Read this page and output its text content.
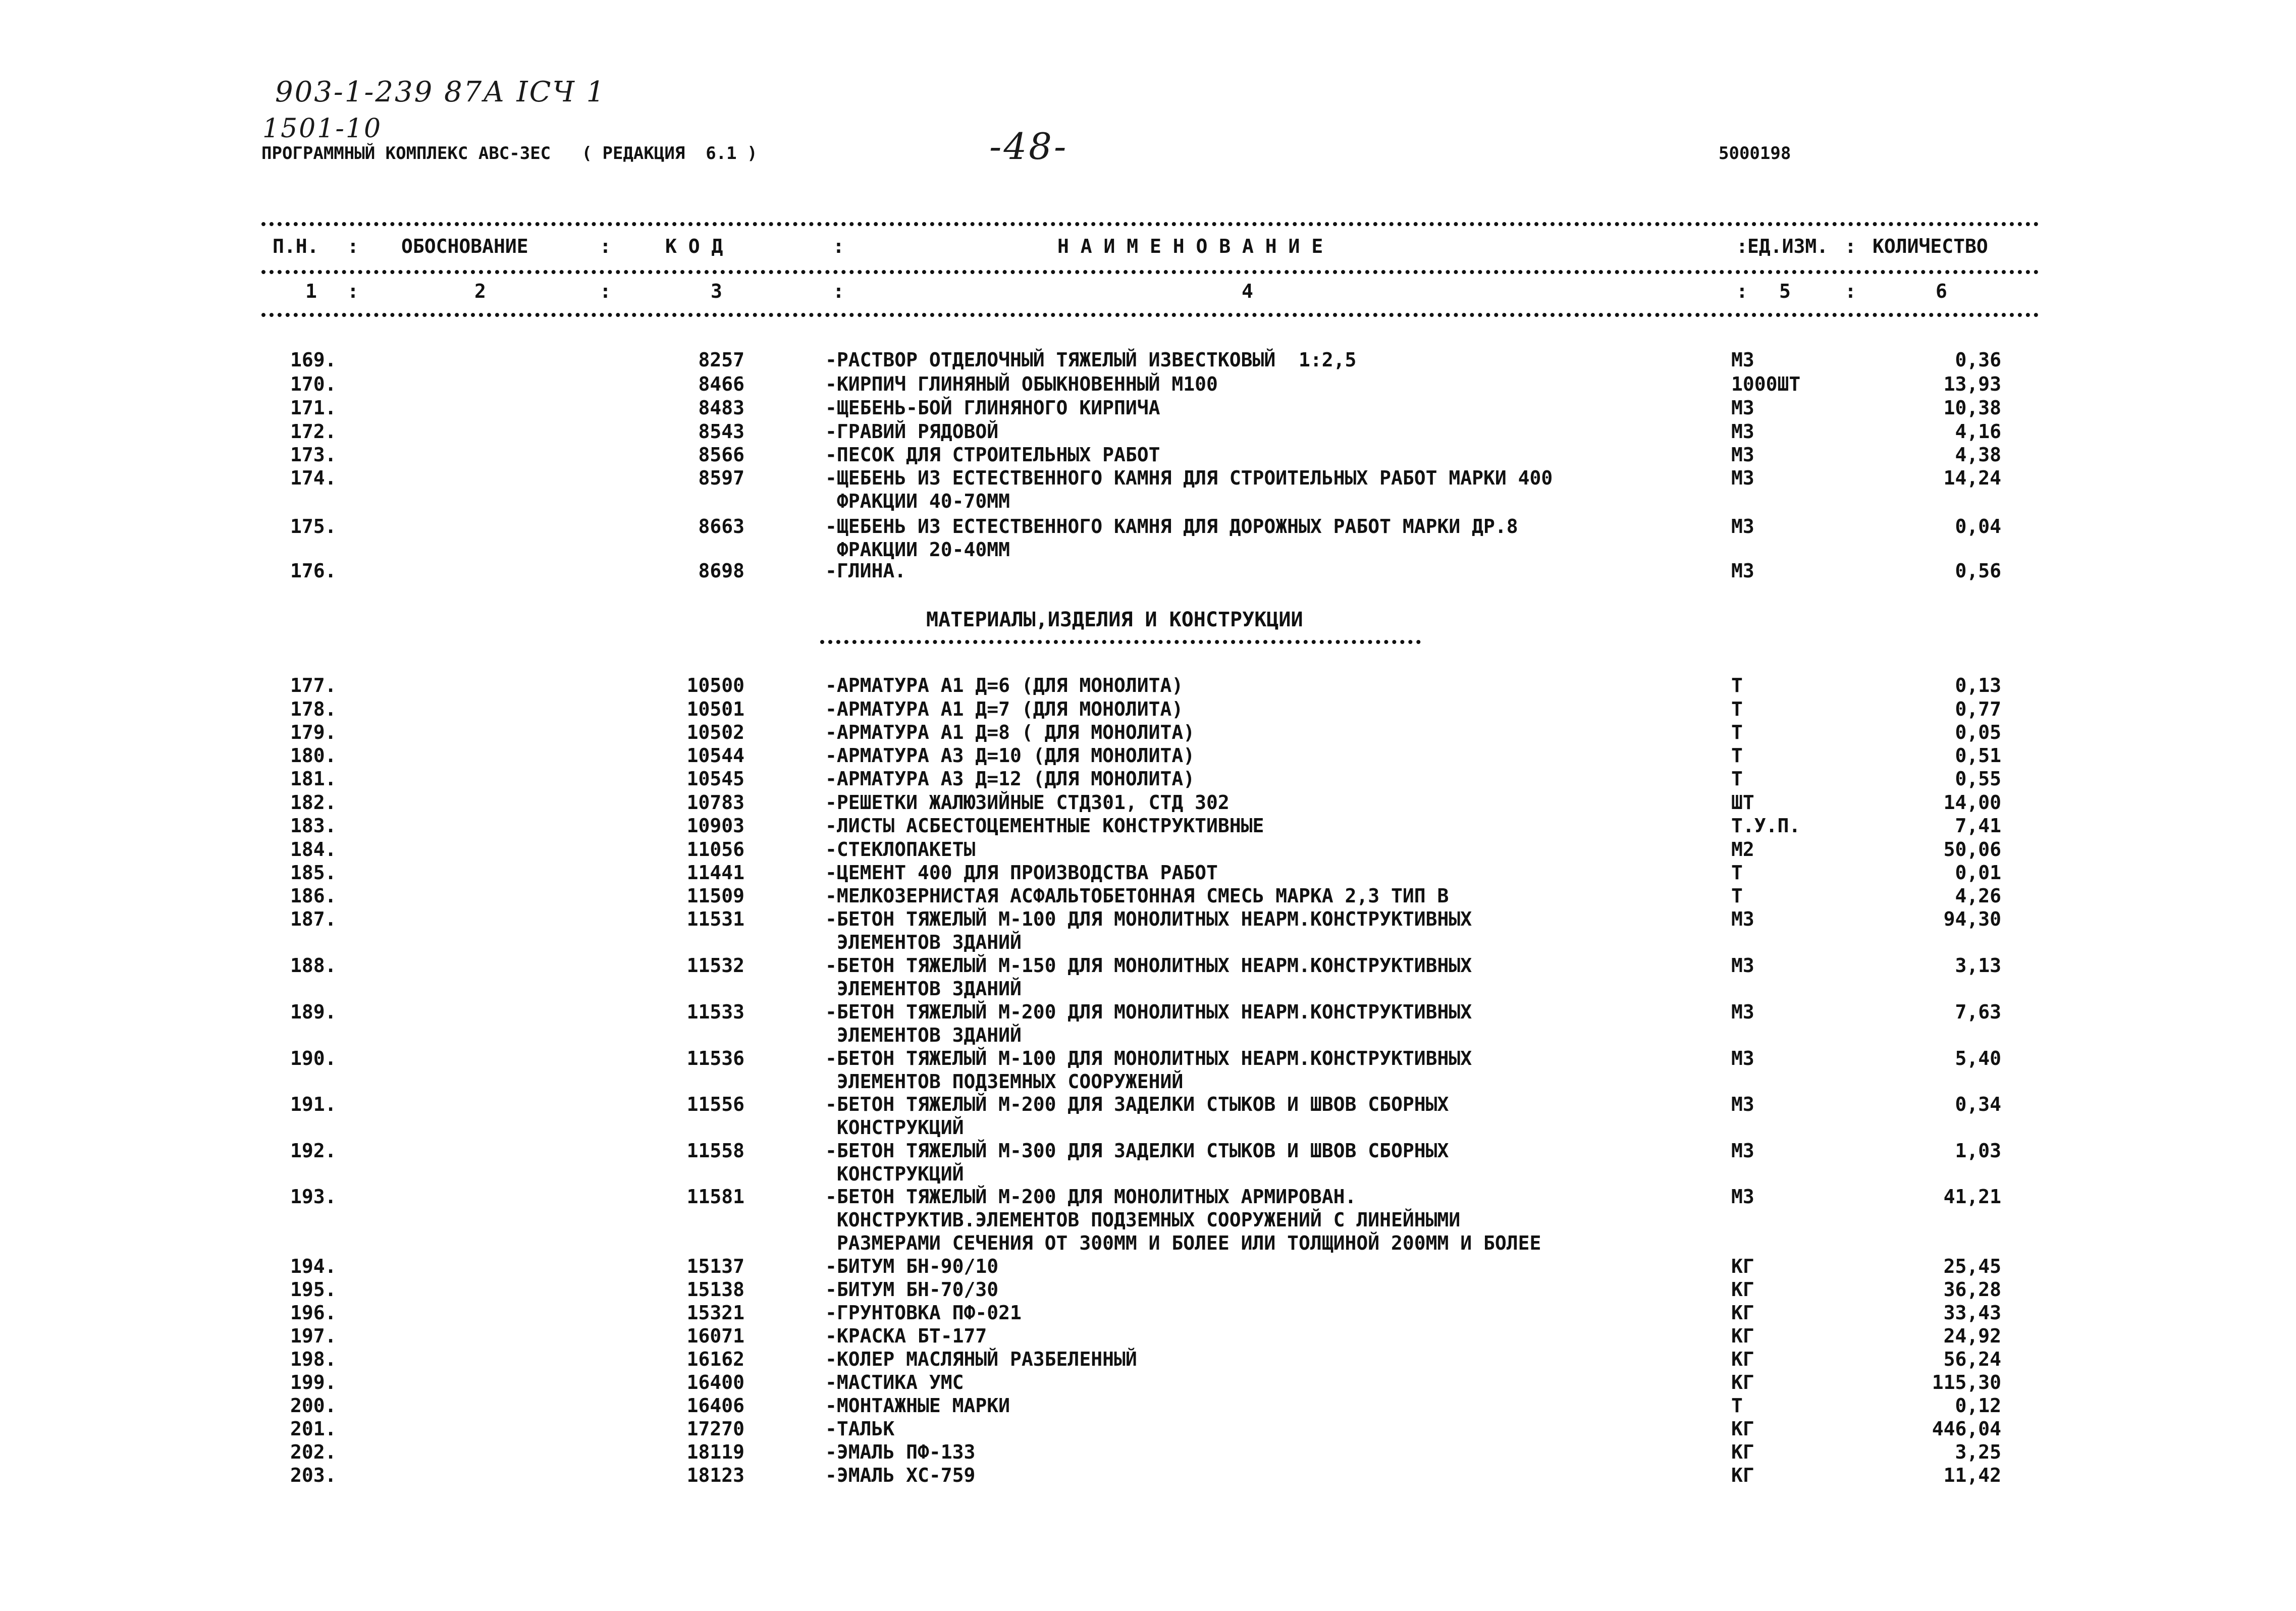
903-1-239 87А IСЧ 1
1501-10	-48-
ПРОГРАММНЫЙ КОМПЛЕКС АВС-3ЕС   ( РЕДАКЦИЯ  6.1 )	5000198
П.Н. : ОБОСНОВАНИЕ	:	К О Д	:	Н А И М Е Н О В А Н И Е	: ЕД.ИЗМ. : КОЛИЧЕСТВО
1 :	2	:	3	:	4	: 5	:	6
МАТЕРИАЛЫ,ИЗДЕЛИЯ И КОНСТРУКЦИИ
169.	8257	-РАСТВОР ОТДЕЛОЧНЫЙ ТЯЖЕЛЫЙ ИЗВЕСТКОВЫЙ  1:2,5	М3	0,36
170.	8466	-КИРПИЧ ГЛИНЯНЫЙ ОБЫКНОВЕННЫЙ М100	1000ШТ	13,93
171.	8483	-ЩЕБЕНЬ-БОЙ ГЛИНЯНОГО КИРПИЧА	М3	10,38
172.	8543	-ГРАВИЙ РЯДОВОЙ	М3	4,16
173.	8566	-ПЕСОК ДЛЯ СТРОИТЕЛЬНЫХ РАБОТ	М3	4,38
174.	8597	-ЩЕБЕНЬ ИЗ ЕСТЕСТВЕННОГО КАМНЯ ДЛЯ СТРОИТЕЛЬНЫХ РАБОТ МАРКИ 400
ФРАКЦИИ 40-70ММ
М3	14,24
175.	8663	-ЩЕБЕНЬ ИЗ ЕСТЕСТВЕННОГО КАМНЯ ДЛЯ ДОРОЖНЫХ РАБОТ МАРКИ ДР.8
ФРАКЦИИ 20-40ММ
М3	0,04
176.	8698	-ГЛИНА.	М3	0,56
177.	10500	-АРМАТУРА А1 Д=6 (ДЛЯ МОНОЛИТА)	Т	0,13
178.	10501	-АРМАТУРА А1 Д=7 (ДЛЯ МОНОЛИТА)	Т	0,77
179.	10502	-АРМАТУРА А1 Д=8 ( ДЛЯ МОНОЛИТА)	Т	0,05
180.	10544	-АРМАТУРА А3 Д=10 (ДЛЯ МОНОЛИТА)	Т	0,51
181.	10545	-АРМАТУРА А3 Д=12 (ДЛЯ МОНОЛИТА)	Т	0,55
182.	10783	-РЕШЕТКИ ЖАЛЮЗИЙНЫЕ СТД301, СТД 302	ШТ	14,00
183.	10903	-ЛИСТЫ АСБЕСТОЦЕМЕНТНЫЕ КОНСТРУКТИВНЫЕ	Т.У.П.	7,41
184.	11056	-СТЕКЛОПАКЕТЫ	М2	50,06
185.	11441	-ЦЕМЕНТ 400 ДЛЯ ПРОИЗВОДСТВА РАБОТ	Т	0,01
186.	11509	-МЕЛКОЗЕРНИСТАЯ АСФАЛЬТОБЕТОННАЯ СМЕСЬ МАРКА 2,3 ТИП В	Т	4,26
187.	11531	-БЕТОН ТЯЖЕЛЫЙ М-100 ДЛЯ МОНОЛИТНЫХ НЕАРМ.КОНСТРУКТИВНЫХ
ЭЛЕМЕНТОВ ЗДАНИЙ
М3	94,30
188.	11532	-БЕТОН ТЯЖЕЛЫЙ М-150 ДЛЯ МОНОЛИТНЫХ НЕАРМ.КОНСТРУКТИВНЫХ
ЭЛЕМЕНТОВ ЗДАНИЙ
М3	3,13
189.	11533	-БЕТОН ТЯЖЕЛЫЙ М-200 ДЛЯ МОНОЛИТНЫХ НЕАРМ.КОНСТРУКТИВНЫХ
ЭЛЕМЕНТОВ ЗДАНИЙ
М3	7,63
190.	11536	-БЕТОН ТЯЖЕЛЫЙ М-100 ДЛЯ МОНОЛИТНЫХ НЕАРМ.КОНСТРУКТИВНЫХ
ЭЛЕМЕНТОВ ПОДЗЕМНЫХ СООРУЖЕНИЙ
М3	5,40
191.	11556	-БЕТОН ТЯЖЕЛЫЙ М-200 ДЛЯ ЗАДЕЛКИ СТЫКОВ И ШВОВ СБОРНЫХ
КОНСТРУКЦИЙ
М3	0,34
192.	11558	-БЕТОН ТЯЖЕЛЫЙ М-300 ДЛЯ ЗАДЕЛКИ СТЫКОВ И ШВОВ СБОРНЫХ
КОНСТРУКЦИЙ
М3	1,03
193.	11581	-БЕТОН ТЯЖЕЛЫЙ М-200 ДЛЯ МОНОЛИТНЫХ АРМИРОВАН.
КОНСТРУКТИВ.ЭЛЕМЕНТОВ ПОДЗЕМНЫХ СООРУЖЕНИЙ С ЛИНЕЙНЫМИ
РАЗМЕРАМИ СЕЧЕНИЯ ОТ 300ММ И БОЛЕЕ ИЛИ ТОЛЩИНОЙ 200ММ И БОЛЕЕ
М3	41,21
194.	15137	-БИТУМ БН-90/10	КГ	25,45
195.	15138	-БИТУМ БН-70/30	КГ	36,28
196.	15321	-ГРУНТОВКА ПФ-021	КГ	33,43
197.	16071	-КРАСКА БТ-177	КГ	24,92
198.	16162	-КОЛЕР МАСЛЯНЫЙ РАЗБЕЛЕННЫЙ	КГ	56,24
199.	16400	-МАСТИКА УМС	КГ	115,30
200.	16406	-МОНТАЖНЫЕ МАРКИ	Т	0,12
201.	17270	-ТАЛЬК	КГ	446,04
202.	18119	-ЭМАЛЬ ПФ-133	КГ	3,25
203.	18123	-ЭМАЛЬ ХС-759	КГ	11,42
